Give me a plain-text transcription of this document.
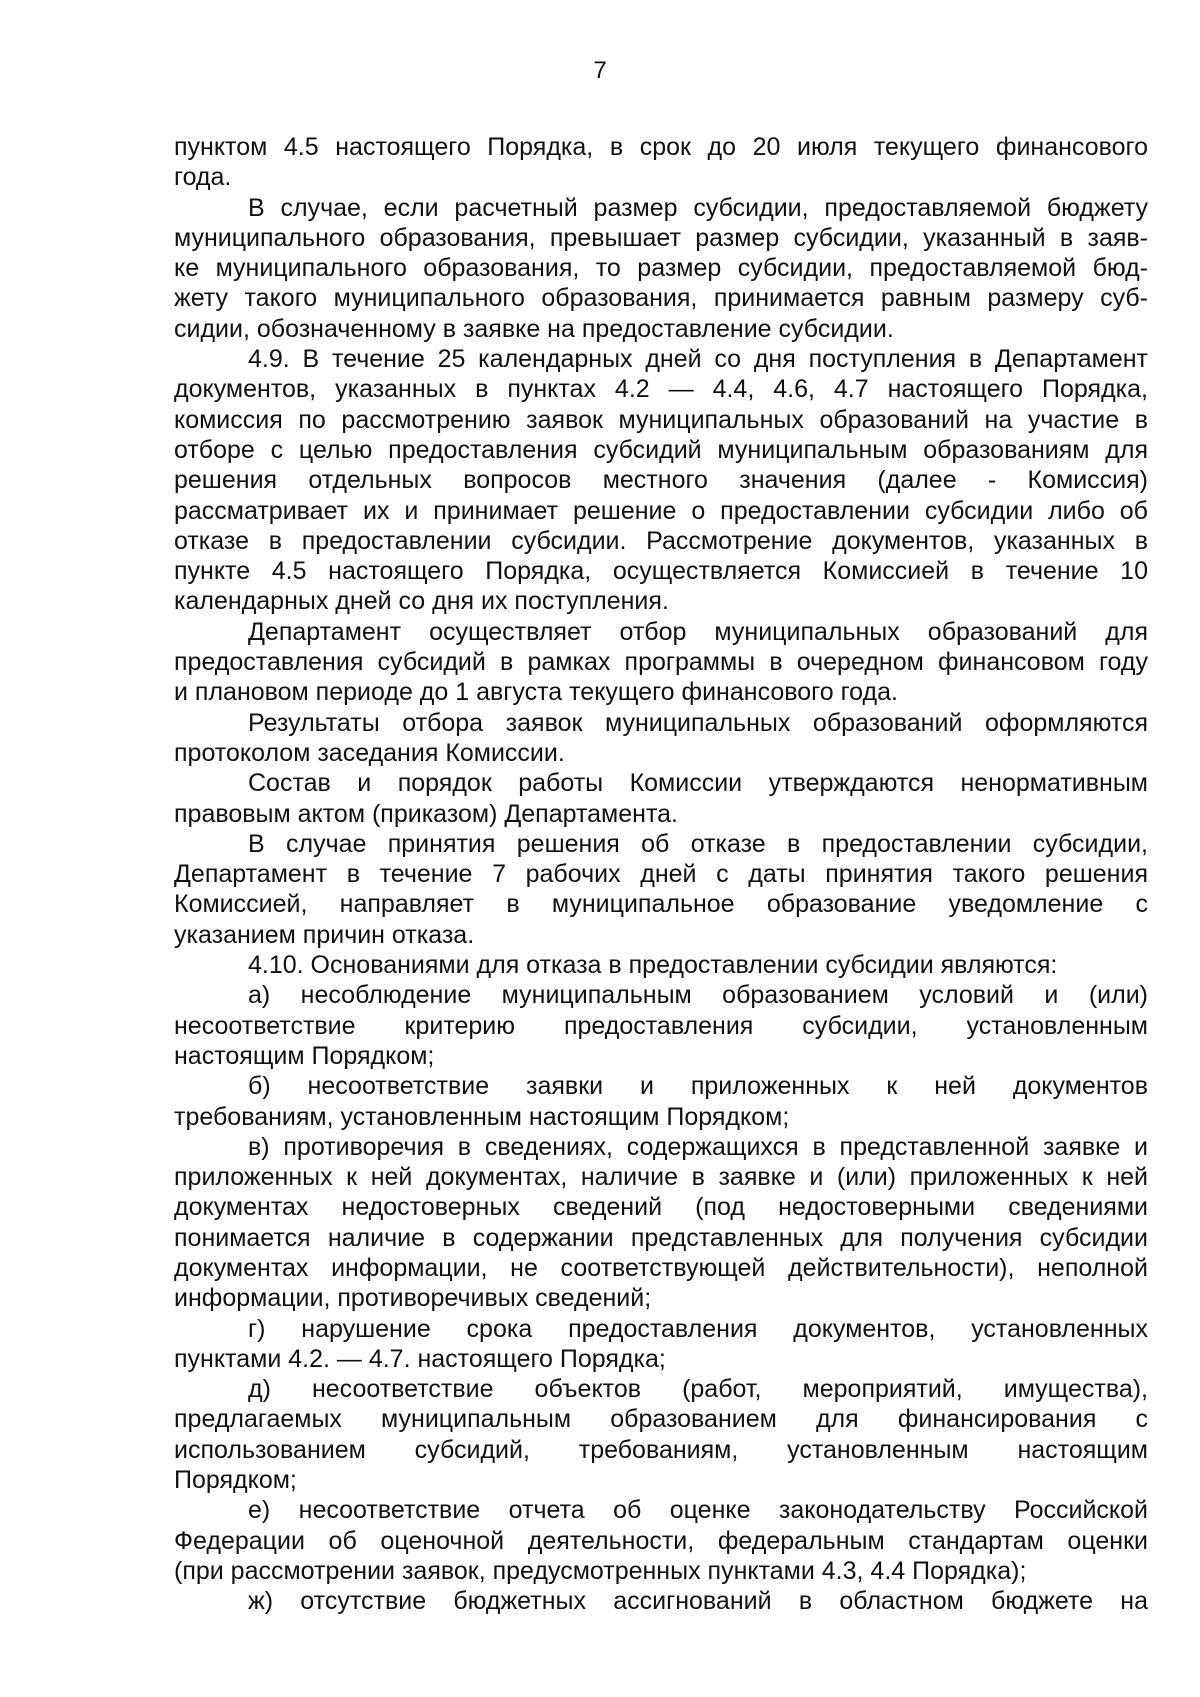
7

пунктом 4.5 настоящего Порядка, в срок до 20 июля текущего финансового
года.

В случае, если расчетный размер субсидии, предоставляемой бюджету
муниципального образования, превышает размер субсидии, указанный в заяв-
ке муниципального образования, то размер субсидии, предоставляемой бюд-
жету такого муниципального образования, принимается равным размеру суб-
сидии, обозначенному в заявке на предоставление субсидии.

4.9. В течение 25 календарных дней со дня поступления в Департамент
документов, указанных в пунктах 4.2 — 4.4, 4.6, 4.7 настоящего Порядка,
комиссия по рассмотрению заявок муниципальных образований на участие в
отборе с целью предоставления субсидий муниципальным образованиям для
решения отдельных вопросов местного значения (далее - Комиссия)
рассматривает их и принимает решение о предоставлении субсидии либо об
отказе в предоставлении субсидии. Рассмотрение документов, указанных в
пункте 4.5 настоящего Порядка, осуществляется Комиссией в течение 10
календарных дней со дня их поступления.

Департамент осуществляет отбор муниципальных образований для
предоставления субсидий в рамках программы в очередном финансовом году
и плановом периоде до 1 августа текущего финансового года.

Результаты отбора заявок муниципальных образований оформляются
протоколом заседания Комиссии.

Состав и порядок работы Комиссии утверждаются ненормативным
правовым актом (приказом) Департамента.

В случае принятия решения об отказе в предоставлении субсидии,
Департамент в течение 7 рабочих дней с даты принятия такого решения
Комиссией, направляет в муниципальное образование уведомление с
указанием причин отказа.

4.10. Основаниями для отказа в предоставлении субсидии являются:

а) несоблюдение муниципальным образованием условий и (или)
несоответствие критерию предоставления субсидии, установленным
настоящим Порядком;

б) несоответствие заявки и приложенных к ней документов
требованиям, установленным настоящим Порядком;

в) противоречия в сведениях, содержащихся в представленной заявке и
приложенных к ней документах, наличие в заявке и (или) приложенных к ней
документах недостоверных сведений (под недостоверными сведениями
понимается наличие в содержании представленных для получения субсидии
документах информации, не соответствующей действительности), неполной
информации, противоречивых сведений;

г) нарушение срока предоставления документов, установленных
пунктами 4.2. — 4.7. настоящего Порядка;

д) несоответствие объектов (работ, мероприятий, имущества),
предлагаемых муниципальным образованием для финансирования с
использованием субсидий, требованиям, установленным настоящим
Порядком;

е) несоответствие отчета об оценке законодательству Российской
Федерации об оценочной деятельности, федеральным стандартам оценки
(при рассмотрении заявок, предусмотренных пунктами 4.3, 4.4 Порядка);

ж) отсутствие бюджетных ассигнований в областном бюджете на
